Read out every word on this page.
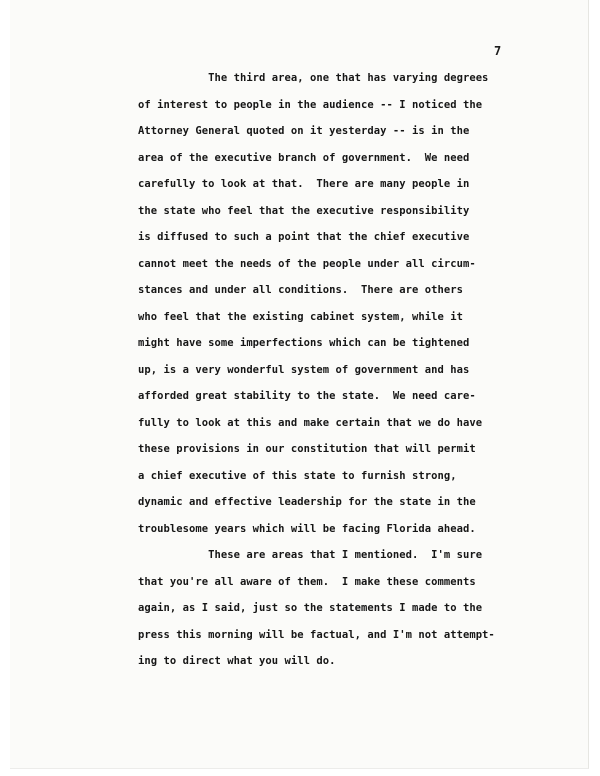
7

The third area, one that has varying degrees
of interest to people in the audience -- I noticed the
Attorney General quoted on it yesterday -- is in the
area of the executive branch of government.  We need
carefully to look at that.  There are many people in
the state who feel that the executive responsibility
is diffused to such a point that the chief executive
cannot meet the needs of the people under all circum-
stances and under all conditions.  There are others
who feel that the existing cabinet system, while it
might have some imperfections which can be tightened
up, is a very wonderful system of government and has
afforded great stability to the state.  We need care-
fully to look at this and make certain that we do have
these provisions in our constitution that will permit
a chief executive of this state to furnish strong,
dynamic and effective leadership for the state in the
troublesome years which will be facing Florida ahead.

These are areas that I mentioned.  I'm sure
that you're all aware of them.  I make these comments
again, as I said, just so the statements I made to the
press this morning will be factual, and I'm not attempt-
ing to direct what you will do.
